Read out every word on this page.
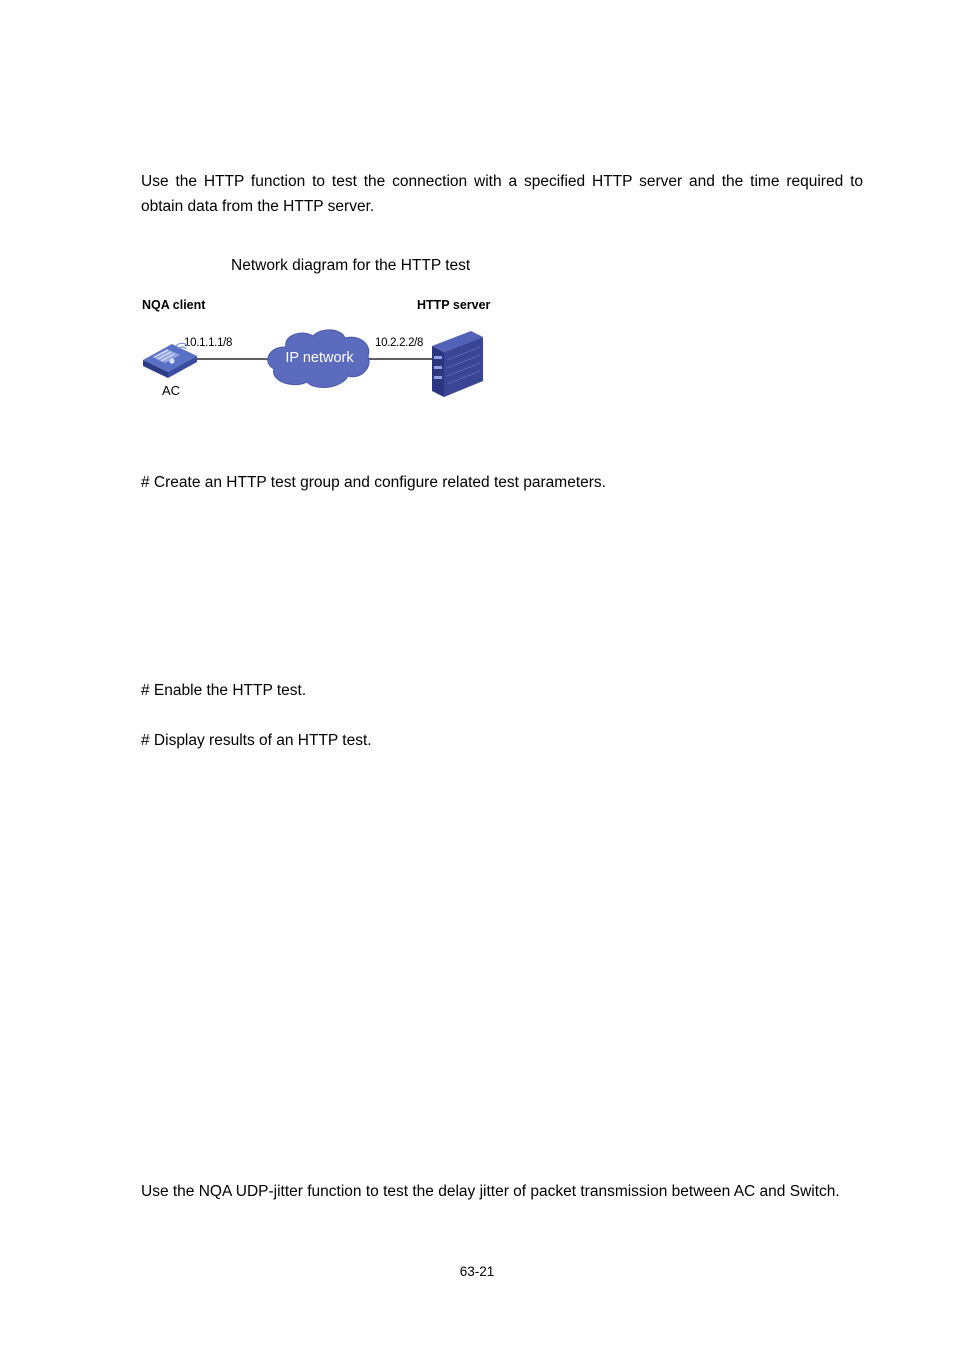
Use the HTTP function to test the connection with a specified HTTP server and the time required to obtain data from the HTTP server.

Network diagram for the HTTP test
NQA client	HTTP server
10.1.1.1/8	10.2.2.2/8
IP network
AC

# Create an HTTP test group and configure related test parameters.

# Enable the HTTP test.

# Display results of an HTTP test.

Use the NQA UDP-jitter function to test the delay jitter of packet transmission between AC and Switch.

63-21
